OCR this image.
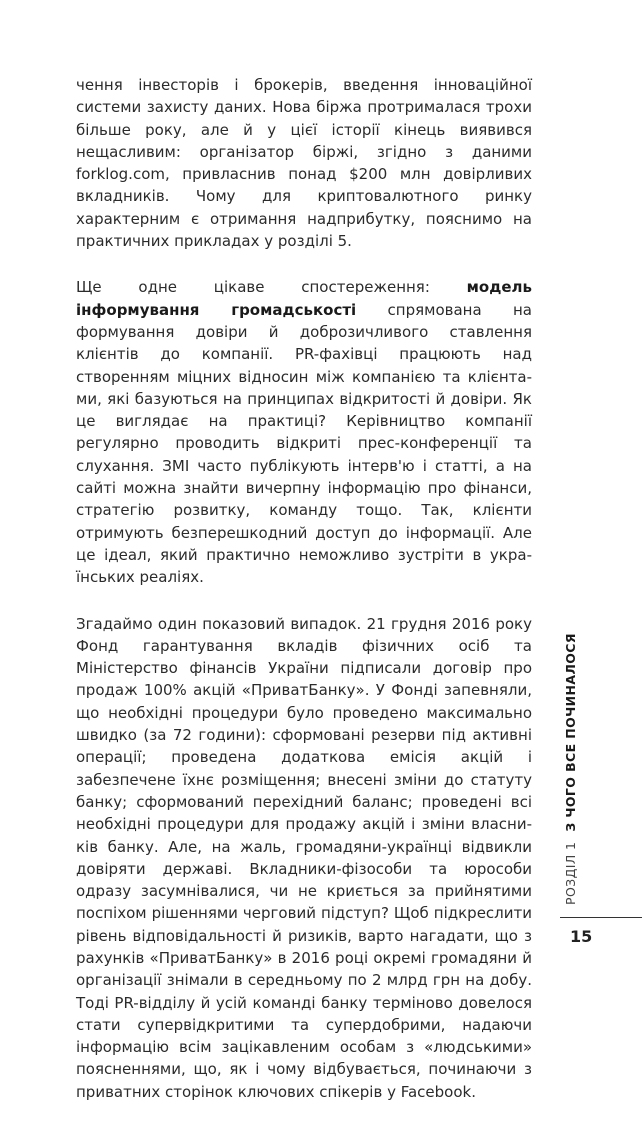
чення інвесторів і брокерів, введення інноваційної системи захисту даних. Нова біржа протрималася трохи більше року, але й у цієї історії кінець виявився нещасливим: організатор біржі, згідно з даними forklog.com, привласнив понад $200 млн довірливих вкладників. Чому для криптовалютного ринку характерним є отримання надприбутку, пояснимо на практичних прикладах у розділі 5.

Ще одне цікаве спостереження: модель інформування громадськості спрямована на формування довіри й доброзичливого ставлення клієнтів до компанії. PR-фахівці працюють над створенням міцних відносин між компанією та клієнтами, які базуються на принципах відкритості й довіри. Як це виглядає на практиці? Керівництво компанії регулярно проводить відкриті прес-конференції та слухання. ЗМІ часто публікують інтерв'ю і статті, а на сайті можна знайти вичерпну інформацію про фінанси, стратегію розвитку, команду тощо. Так, клієнти отримують безперешкодний доступ до інформації. Але це ідеал, який практично неможливо зустріти в українських реаліях.

Згадаймо один показовий випадок. 21 грудня 2016 року Фонд гарантування вкладів фізичних осіб та Міністерство фінансів України підписали договір про продаж 100% акцій «ПриватБанку». У Фонді запевняли, що необхідні процедури було проведено максимально швидко (за 72 години): сформовані резерви під активні операції; проведена додаткова емісія акцій і забезпечене їхнє розміщення; внесені зміни до статуту банку; сформований перехідний баланс; проведені всі необхідні процедури для продажу акцій і зміни власників банку. Але, на жаль, громадяни-українці відвикли довіряти державі. Вкладники-фізособи та юрособи одразу засумнівалися, чи не криється за прийнятими поспіхом рішеннями черговий підступ? Щоб підкреслити рівень відповідальності й ризиків, варто нагадати, що з рахунків «ПриватБанку» в 2016 році окремі громадяни й організації знімали в середньому по 2 млрд грн на добу. Тоді PR-відділу й усій команді банку терміново довелося стати супервідкритими та супердобрими, надаючи інформацію всім зацікавленим особам з «людськими» поясненнями, що, як і чому відбувається, починаючи з приватних сторінок ключових спікерів у Facebook.

РОЗДІЛ 1З ЧОГО ВСЕ ПОЧИНАЛОСЯ
15
